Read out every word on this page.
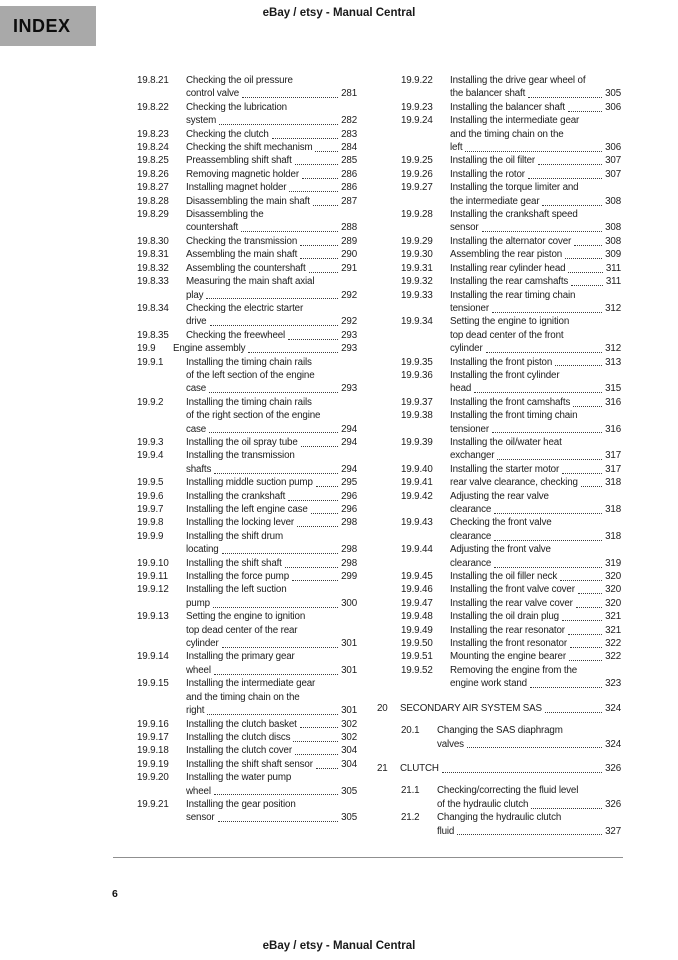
INDEX
eBay / etsy - Manual Central
19.8.21	Checking the oil pressure
control valve	281
19.8.22	Checking the lubrication
system	282
19.8.23	Checking the clutch	283
19.8.24	Checking the shift mechanism	284
19.8.25	Preassembling shift shaft	285
19.8.26	Removing magnetic holder	286
19.8.27	Installing magnet holder	286
19.8.28	Disassembling the main shaft	287
19.8.29	Disassembling the
countershaft	288
19.8.30	Checking the transmission	289
19.8.31	Assembling the main shaft	290
19.8.32	Assembling the countershaft	291
19.8.33	Measuring the main shaft axial
play	292
19.8.34	Checking the electric starter
drive	292
19.8.35	Checking the freewheel	293
19.9	Engine assembly	293
19.9.1	Installing the timing chain rails
of the left section of the engine
case	293
19.9.2	Installing the timing chain rails
of the right section of the engine
case	294
19.9.3	Installing the oil spray tube	294
19.9.4	Installing the transmission
shafts	294
19.9.5	Installing middle suction pump	295
19.9.6	Installing the crankshaft	296
19.9.7	Installing the left engine case	296
19.9.8	Installing the locking lever	298
19.9.9	Installing the shift drum
locating	298
19.9.10	Installing the shift shaft	298
19.9.11	Installing the force pump	299
19.9.12	Installing the left suction
pump	300
19.9.13	Setting the engine to ignition
top dead center of the rear
cylinder	301
19.9.14	Installing the primary gear
wheel	301
19.9.15	Installing the intermediate gear
and the timing chain on the
right	301
19.9.16	Installing the clutch basket	302
19.9.17	Installing the clutch discs	302
19.9.18	Installing the clutch cover	304
19.9.19	Installing the shift shaft sensor	304
19.9.20	Installing the water pump
wheel	305
19.9.21	Installing the gear position
sensor	305
19.9.22	Installing the drive gear wheel of
the balancer shaft	305
19.9.23	Installing the balancer shaft	306
19.9.24	Installing the intermediate gear
and the timing chain on the
left	306
19.9.25	Installing the oil filter	307
19.9.26	Installing the rotor	307
19.9.27	Installing the torque limiter and
the intermediate gear	308
19.9.28	Installing the crankshaft speed
sensor	308
19.9.29	Installing the alternator cover	308
19.9.30	Assembling the rear piston	309
19.9.31	Installing rear cylinder head	311
19.9.32	Installing the rear camshafts	311
19.9.33	Installing the rear timing chain
tensioner	312
19.9.34	Setting the engine to ignition
top dead center of the front
cylinder	312
19.9.35	Installing the front piston	313
19.9.36	Installing the front cylinder
head	315
19.9.37	Installing the front camshafts	316
19.9.38	Installing the front timing chain
tensioner	316
19.9.39	Installing the oil/water heat
exchanger	317
19.9.40	Installing the starter motor	317
19.9.41	rear valve clearance, checking	318
19.9.42	Adjusting the rear valve
clearance	318
19.9.43	Checking the front valve
clearance	318
19.9.44	Adjusting the front valve
clearance	319
19.9.45	Installing the oil filler neck	320
19.9.46	Installing the front valve cover	320
19.9.47	Installing the rear valve cover	320
19.9.48	Installing the oil drain plug	321
19.9.49	Installing the rear resonator	321
19.9.50	Installing the front resonator	322
19.9.51	Mounting the engine bearer	322
19.9.52	Removing the engine from the
engine work stand	323
20	SECONDARY AIR SYSTEM SAS	324
20.1	Changing the SAS diaphragm
valves	324
21	CLUTCH	326
21.1	Checking/correcting the fluid level
of the hydraulic clutch	326
21.2	Changing the hydraulic clutch
fluid	327
6
eBay / etsy - Manual Central
